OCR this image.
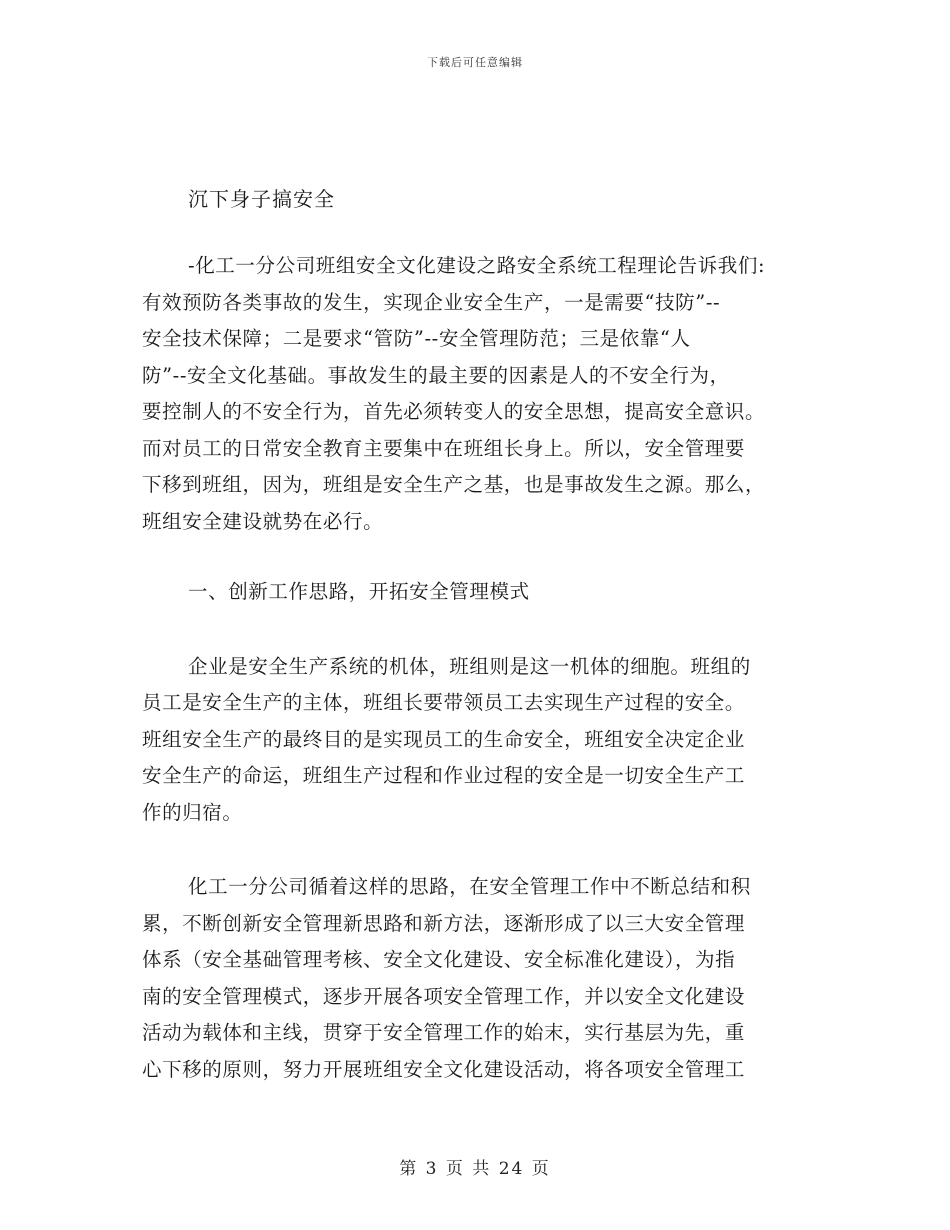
下载后可任意编辑

沉下身子搞安全

-化工一分公司班组安全文化建设之路安全系统工程理论告诉我们:
有效预防各类事故的发生，实现企业安全生产，一是需要“技防”--
安全技术保障；二是要求“管防”--安全管理防范；三是依靠“人
防”--安全文化基础。事故发生的最主要的因素是人的不安全行为，
要控制人的不安全行为，首先必须转变人的安全思想，提高安全意识。
而对员工的日常安全教育主要集中在班组长身上。所以，安全管理要
下移到班组，因为，班组是安全生产之基，也是事故发生之源。那么，
班组安全建设就势在必行。
一、创新工作思路，开拓安全管理模式
企业是安全生产系统的机体，班组则是这一机体的细胞。班组的
员工是安全生产的主体，班组长要带领员工去实现生产过程的安全。
班组安全生产的最终目的是实现员工的生命安全，班组安全决定企业
安全生产的命运，班组生产过程和作业过程的安全是一切安全生产工
作的归宿。
化工一分公司循着这样的思路，在安全管理工作中不断总结和积
累，不断创新安全管理新思路和新方法，逐渐形成了以三大安全管理
体系（安全基础管理考核、安全文化建设、安全标准化建设），为指
南的安全管理模式，逐步开展各项安全管理工作，并以安全文化建设
活动为载体和主线，贯穿于安全管理工作的始末，实行基层为先，重
心下移的原则，努力开展班组安全文化建设活动，将各项安全管理工
第 3 页 共 24 页
